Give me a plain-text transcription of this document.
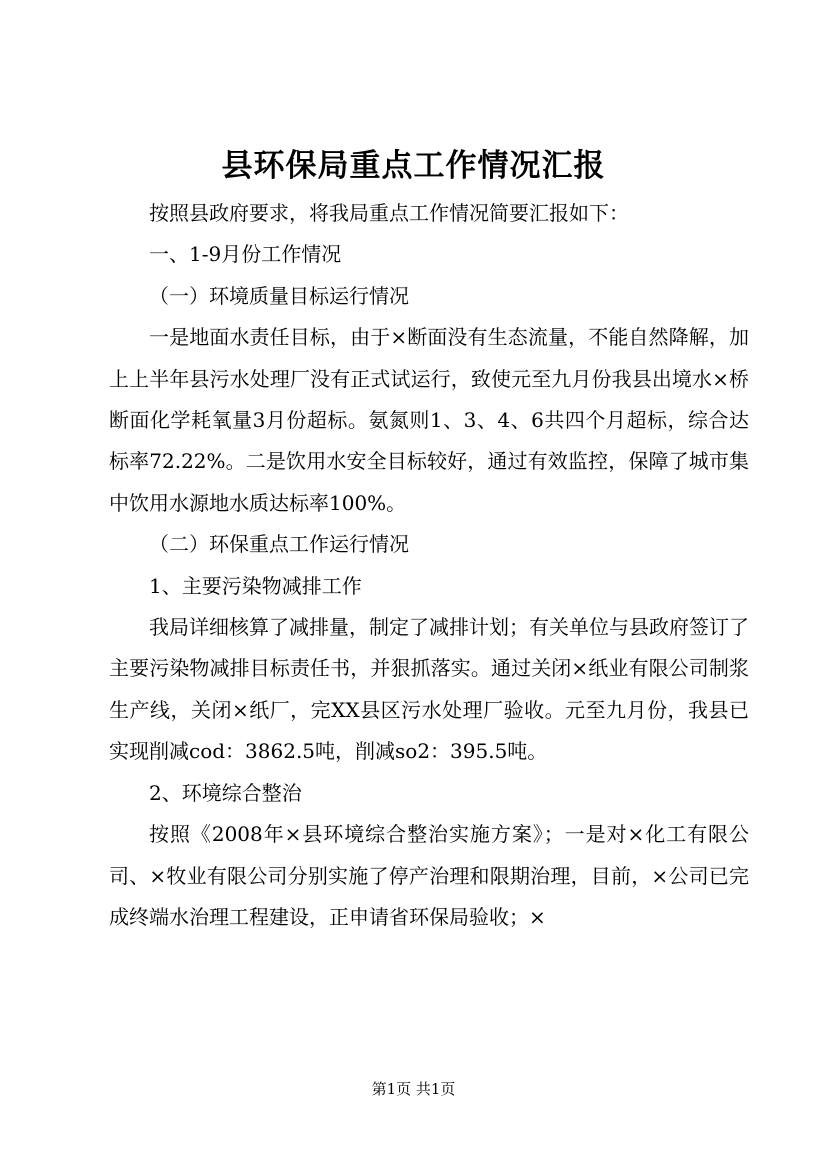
县环保局重点工作情况汇报

按照县政府要求，将我局重点工作情况简要汇报如下：

一、1-9月份工作情况

（一）环境质量目标运行情况

一是地面水责任目标，由于×断面没有生态流量，不能自然降解，加上上半年县污水处理厂没有正式试运行，致使元至九月份我县出境水×桥断面化学耗氧量3月份超标。氨氮则1、3、4、6共四个月超标，综合达标率72.22%。二是饮用水安全目标较好，通过有效监控，保障了城市集中饮用水源地水质达标率100%。

（二）环保重点工作运行情况

1、主要污染物减排工作

我局详细核算了减排量，制定了减排计划；有关单位与县政府签订了主要污染物减排目标责任书，并狠抓落实。通过关闭×纸业有限公司制浆生产线，关闭×纸厂，完XX县区污水处理厂验收。元至九月份，我县已实现削减cod：3862.5吨，削减so2：395.5吨。

2、环境综合整治

按照《2008年×县环境综合整治实施方案》；一是对×化工有限公司、×牧业有限公司分别实施了停产治理和限期治理，目前，×公司已完成终端水治理工程建设，正申请省环保局验收；×

第1页 共1页
